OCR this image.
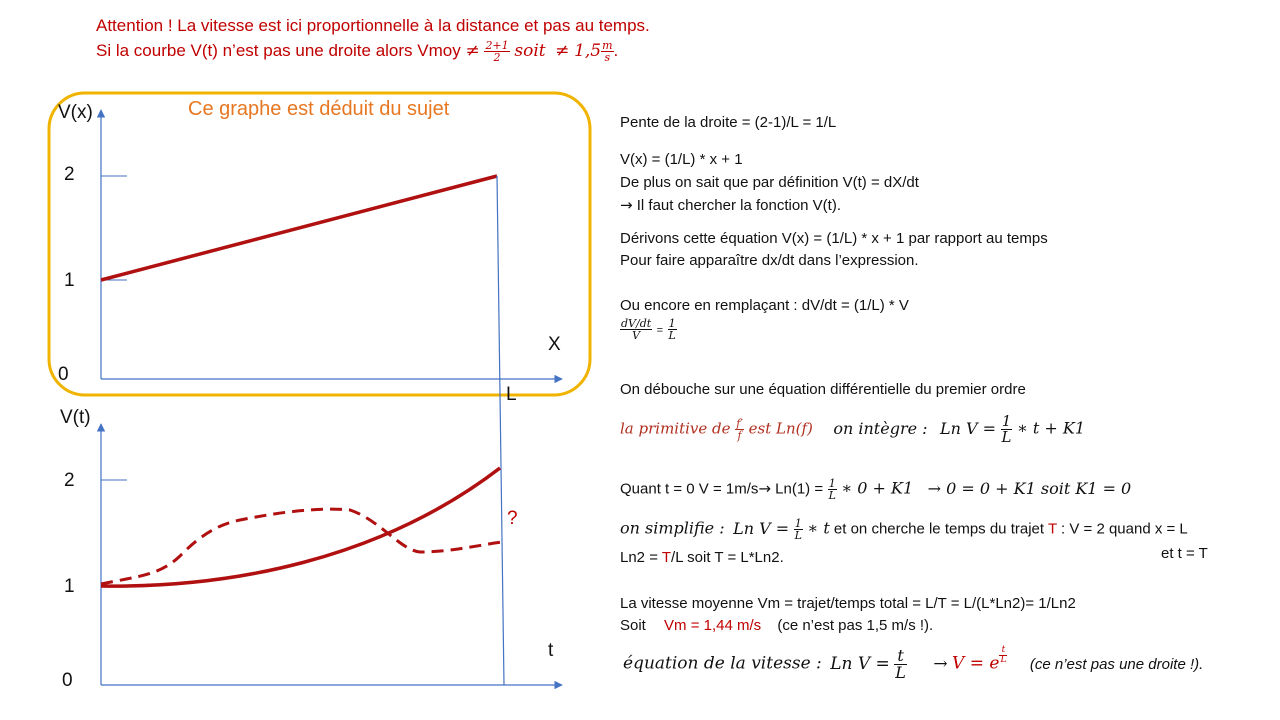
Attention ! La vitesse est ici proportionnelle à la distance et pas au temps.
Si la courbe V(t) n’est pas une droite alors Vmoy ≠ $\frac{2+1}{2}$ soit ≠ $1,5 \frac{m}{s}$ .
Ce graphe est déduit du sujet
V(x)
X
2
1
0
L
V(t)
t
2
1
0
?
Pente de la droite = (2-1)/L = 1/L
V(x) = (1/L) * x + 1
De plus on sait que par définition V(t) = dX/dt
→ Il faut chercher la fonction V(t).
Dérivons cette équation V(x) = (1/L) * x + 1 par rapport au temps
Pour faire apparaître dx/dt dans l’expression.
Ou encore en remplaçant : dV/dt = (1/L) * V
$\frac{dV/dt}{V} = \frac{1}{L}$
On débouche sur une équation différentielle du premier ordre
la primitive de $\frac{f'}{f}$ est Ln(f) on intègre : Ln $V = \frac{1}{L}$ ∗ t + K1
Quant t = 0 $V = 1m/s\to Ln(1) = \frac{1}{L}$ ∗ 0 + K1 → 0 = 0 + K1 soit K1 = 0
on simplifie : Ln $V = \frac{1}{L}$ ∗ t et on cherche le temps du trajet T : V = 2 quand x = L
Ln2 = T/L soit T = L*Ln2.	et t = T
La vitesse moyenne Vm = trajet/temps total = L/T = L/(L*Ln2)= 1/Ln2
Soit Vm = 1,44 m/s (ce n’est pas 1,5 m/s !).
équation de la vitesse : Ln $V = \frac{t}{L} \to V = e \frac{t}{L} (ce$ n’est pas une droite !).
